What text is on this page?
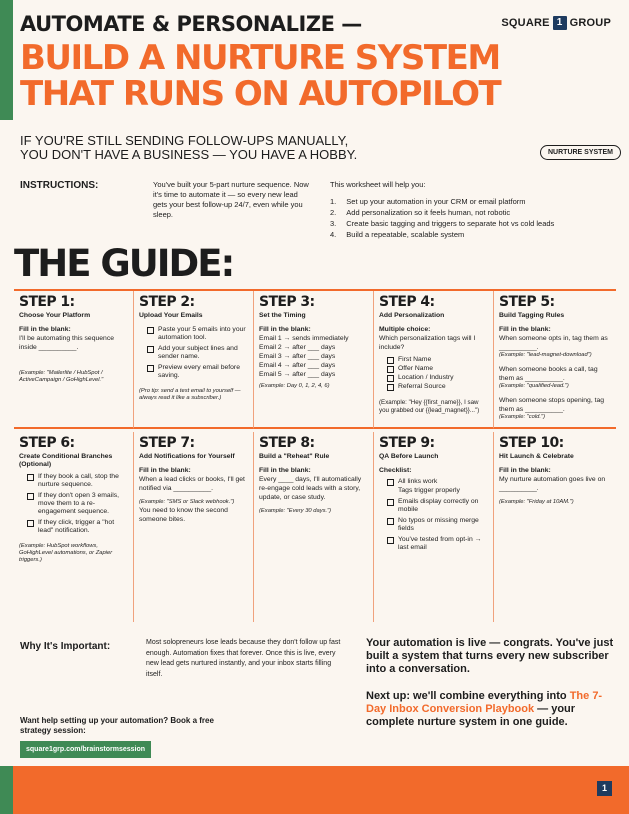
AUTOMATE & PERSONALIZE —
BUILD A NURTURE SYSTEM
THAT RUNS ON AUTOPILOT
SQUARE 1 GROUP
IF YOU'RE STILL SENDING FOLLOW-UPS MANUALLY,
YOU DON'T HAVE A BUSINESS — YOU HAVE A HOBBY.	NURTURE SYSTEM
INSTRUCTIONS:	You've built your 5-part nurture sequence. Now it's time to automate it — so every new lead gets your best follow-up 24/7, even while you sleep.
This worksheet will help you:
1. Set up your automation in your CRM or email platform
2. Add personalization so it feels human, not robotic
3. Create basic tagging and triggers to separate hot vs cold leads
4. Build a repeatable, scalable system
THE GUIDE:
STEP 1:
Choose Your Platform
Fill in the blank:
I'll be automating this sequence inside __________.
(Example: "Mailerlite / HubSpot / ActiveCampaign / GoHighLevel."
STEP 2:
Upload Your Emails
Paste your 5 emails into your automation tool.
Add your subject lines and sender name.
Preview every email before saving.
(Pro tip: send a test email to yourself — always read it like a subscriber.)
STEP 3:
Set the Timing
Fill in the blank:
Email 1 → sends immediately
Email 2 → after ___ days
Email 3 → after ___ days
Email 4 → after ___ days
Email 5 → after ___ days
(Example: Day 0, 1, 2, 4, 6)
STEP 4:
Add Personalization
Multiple choice:
Which personalization tags will I include?
First Name
Offer Name
Location / Industry
Referral Source
(Example: "Hey {{first_name}}, I saw you grabbed our {{lead_magnet}}...")
STEP 5:
Build Tagging Rules
Fill in the blank:
When someone opts in, tag them as __________.
(Example: "lead-magnet-download")
When someone books a call, tag them as __________.
(Example: "qualified-lead.")
When someone stops opening, tag them as __________.
(Example: "cold.")
STEP 6:
Create Conditional Branches (Optional)
If they book a call, stop the nurture sequence.
If they don't open 3 emails, move them to a re-engagement sequence.
If they click, trigger a "hot lead" notification.
(Example: HubSpot workflows, GoHighLevel automations, or Zapier triggers.)
STEP 7:
Add Notifications for Yourself
Fill in the blank:
When a lead clicks or books, I'll get notified via __________.
(Example: "SMS or Slack webhook.")
You need to know the second someone bites.
STEP 8:
Build a "Reheat" Rule
Fill in the blank:
Every ____ days, I'll automatically re-engage cold leads with a story, update, or case study.
(Example: "Every 30 days.")
STEP 9:
QA Before Launch
Checklist:
All links work
Tags trigger properly
Emails display correctly on mobile
No typos or missing merge fields
You've tested from opt-in → last email
STEP 10:
Hit Launch & Celebrate
Fill in the blank:
My nurture automation goes live on __________.
(Example: "Friday at 10AM.")
Why It's Important:	Most solopreneurs lose leads because they don't follow up fast enough. Automation fixes that forever. Once this is live, every new lead gets nurtured instantly, and your inbox starts filling itself.
Your automation is live — congrats. You've just built a system that turns every new subscriber into a conversation.
Next up: we'll combine everything into The 7-Day Inbox Conversion Playbook — your complete nurture system in one guide.
Want help setting up your automation? Book a free strategy session:
square1grp.com/brainstormsession
1
